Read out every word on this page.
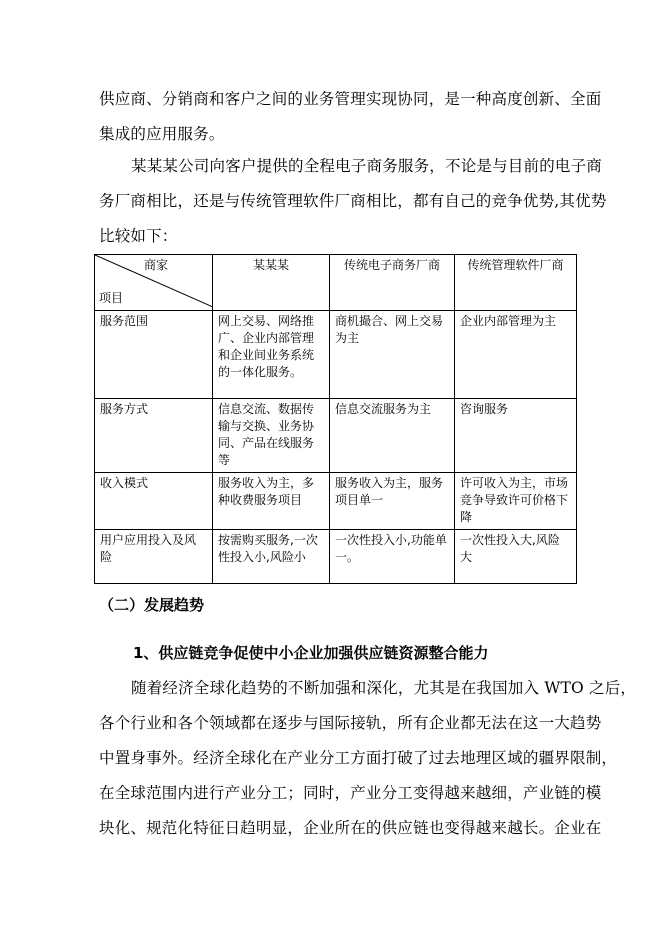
供应商、分销商和客户之间的业务管理实现协同，是一种高度创新、全面
集成的应用服务。
某某某公司向客户提供的全程电子商务服务，不论是与目前的电子商
务厂商相比，还是与传统管理软件厂商相比，都有自己的竞争优势,其优势
比较如下：
商家
项目	某某某	传统电子商务厂商	传统管理软件厂商
服务范围	网上交易、网络推广、企业内部管理和企业间业务系统的一体化服务。	商机撮合、网上交易为主	企业内部管理为主
服务方式	信息交流、数据传输与交换、业务协同、产品在线服务等	信息交流服务为主	咨询服务
收入模式	服务收入为主，多种收费服务项目	服务收入为主，服务项目单一	许可收入为主，市场竞争导致许可价格下降
用户应用投入及风险	按需购买服务,一次性投入小,风险小	一次性投入小,功能单一。	一次性投入大,风险大
（二）发展趋势
1、供应链竞争促使中小企业加强供应链资源整合能力
随着经济全球化趋势的不断加强和深化，尤其是在我国加入 WTO 之后，
各个行业和各个领域都在逐步与国际接轨，所有企业都无法在这一大趋势
中置身事外。经济全球化在产业分工方面打破了过去地理区域的疆界限制，
在全球范围内进行产业分工；同时，产业分工变得越来越细，产业链的模
块化、规范化特征日趋明显，企业所在的供应链也变得越来越长。企业在
